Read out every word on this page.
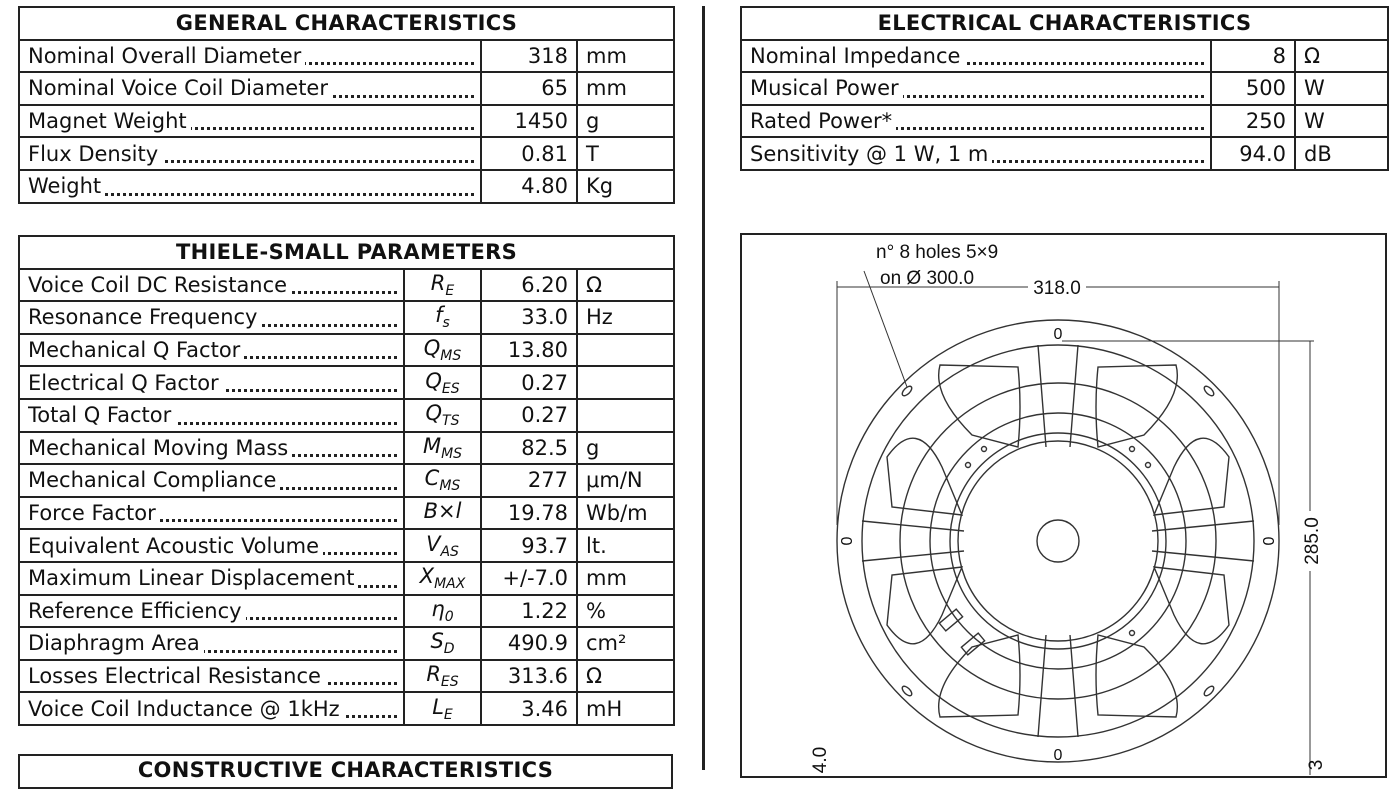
GENERAL CHARACTERISTICS		

Nominal Overall Diameter	318	mm

Nominal Voice Coil Diameter	65	mm

Magnet Weight	1450	g

Flux Density	0.81	T

Weight	4.80	Kg
ELECTRICAL CHARACTERISTICS		

Nominal Impedance	8	Ω

Musical Power	500	W

Rated Power*	250	W

Sensitivity @ 1 W, 1 m	94.0	dB
THIELE-SMALL PARAMETERS			

Voice Coil DC Resistance	$R_E$	6.20	Ω

Resonance Frequency	$f_s$	33.0	Hz

Mechanical Q Factor	$Q_{MS}$	13.80	

Electrical Q Factor	$Q_{ES}$	0.27	

Total Q Factor	$Q_{TS}$	0.27	

Mechanical Moving Mass	$M_{MS}$	82.5	g

Mechanical Compliance	$C_{MS}$	277	μm/N

Force Factor	B×l	19.78	Wb/m

Equivalent Acoustic Volume	$V_{AS}$	93.7	lt.

Maximum Linear Displacement	$X_{MAX}$	+/-7.0	mm

Reference Efficiency	$\eta_0$	1.22	%

Diaphragm Area	$S_D$	490.9	cm²

Losses Electrical Resistance	$R_{ES}$	313.6	Ω

Voice Coil Inductance @ 1kHz	$L_E$	3.46	mH
CONSTRUCTIVE CHARACTERISTICS
n° 8 holes 5×9
on Ø 300.0	318.0
285.0
0
0
0	0
4.0	3
